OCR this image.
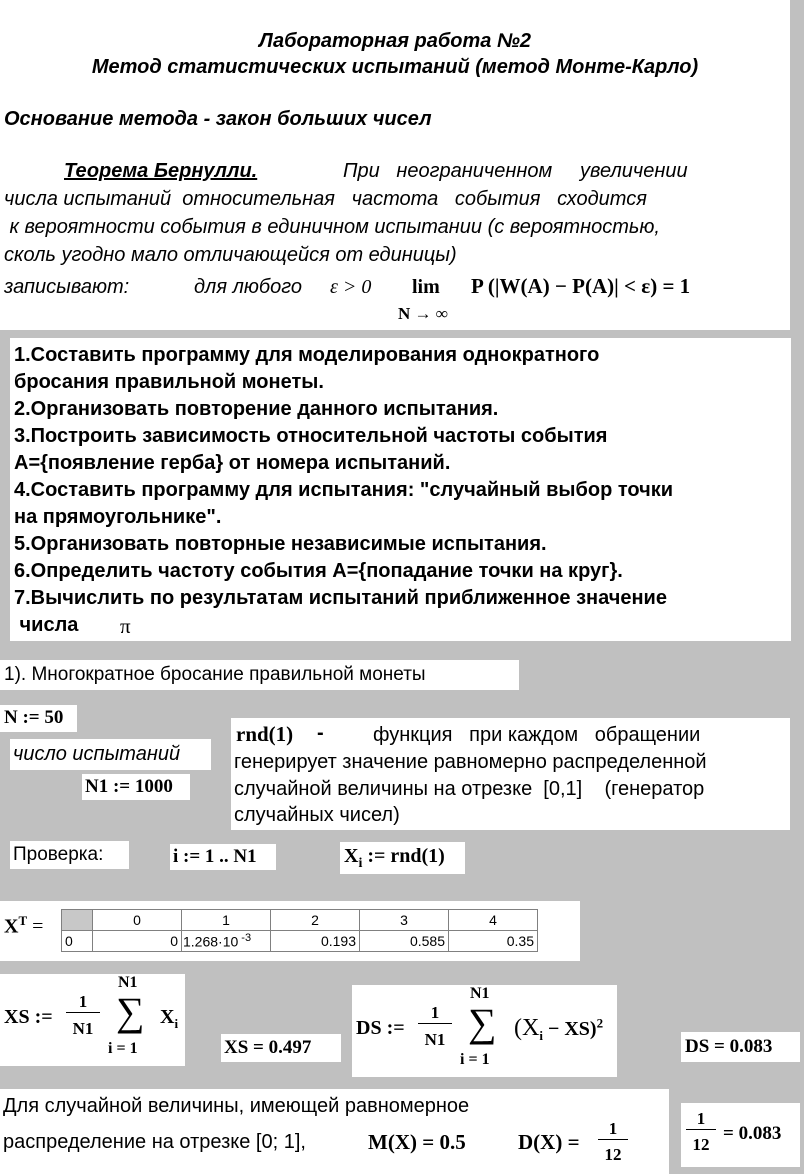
Лабораторная работа №2
Метод статистических испытаний (метод Монте-Карло)
Основание метода - закон больших чисел
Теорема Бернулли.	При   неограниченном     увеличении
числа испытаний  относительная   частота   события   сходится
к вероятности события в единичном испытании (с вероятностью,
сколь угодно мало отличающейся от единицы)
записывают:	для любого ε > 0 lim P (|W(A) − P(A)| < ε) = 1
N → ∞
1.Составить программу для моделирования однократного
бросания правильной монеты.
2.Организовать повторение данного испытания.
3.Построить зависимость относительной частоты события
А={появление герба} от номера испытаний.
4.Составить программу для испытания: "случайный выбор точки
на прямоугольнике".
5.Организовать повторные независимые испытания.
6.Определить частоту события А={попадание точки на круг}.
7.Вычислить по результатам испытаний приближенное значение
числа π
1). Многократное бросание правильной монеты
N := 50
число испытаний
N1 := 1000
rnd(1) - функция   при каждом   обращении
генерирует значение равномерно распределенной
случайной величины на отрезке  [0,1]    (генератор
случайных чисел)
Проверка:	i := 1 .. N1	$X_i$ := rnd(1)
$X^T$ =
		0	1	2	3	4
0	0	1.268·10 $^{-3}$	0.193	0.585	0.35
XS :=
1
N1
N1
∑
i = 1
$X_i$
XS = 0.497
DS :=
1
N1
N1
∑
i = 1
$(X_i - XS)^2$
DS = 0.083
Для случайной величины, имеющей равномерное
распределение на отрезке [0; 1],	M(X) = 0.5 D(X) =
1
12
1
12
= 0.083
